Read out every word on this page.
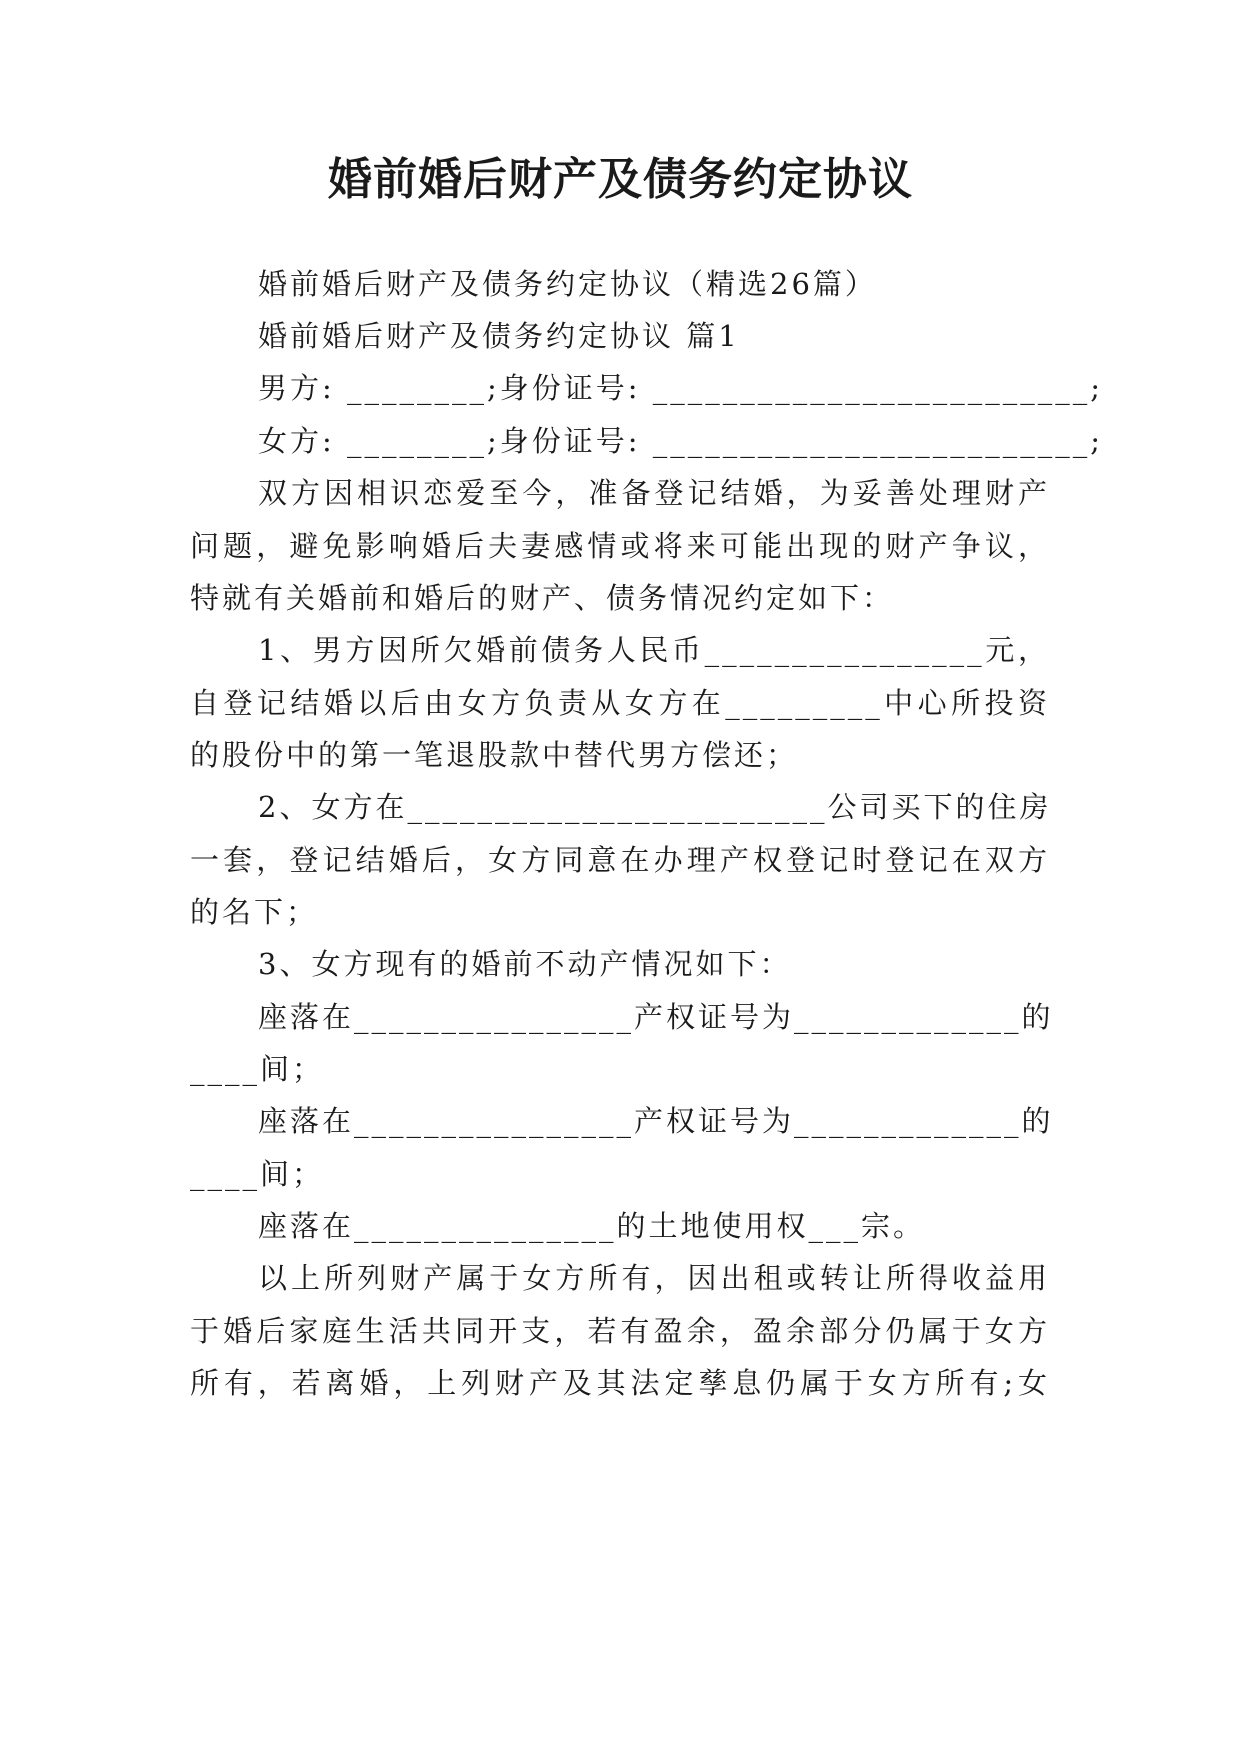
婚前婚后财产及债务约定协议
婚前婚后财产及债务约定协议（精选26篇）
婚前婚后财产及债务约定协议 篇1
男方: ________;身份证号: _________________________;
女方: ________;身份证号: _________________________;
双方因相识恋爱至今，准备登记结婚，为妥善处理财产
问题，避免影响婚后夫妻感情或将来可能出现的财产争议，
特就有关婚前和婚后的财产、债务情况约定如下：
1、男方因所欠婚前债务人民币________________元，
自登记结婚以后由女方负责从女方在_________中心所投资
的股份中的第一笔退股款中替代男方偿还；
2、女方在________________________公司买下的住房
一套，登记结婚后，女方同意在办理产权登记时登记在双方
的名下；
3、女方现有的婚前不动产情况如下：
座落在________________产权证号为_____________的
____间；
座落在________________产权证号为_____________的
____间；
座落在_______________的土地使用权___宗。
以上所列财产属于女方所有，因出租或转让所得收益用
于婚后家庭生活共同开支，若有盈余，盈余部分仍属于女方
所有，若离婚，上列财产及其法定孳息仍属于女方所有;女
